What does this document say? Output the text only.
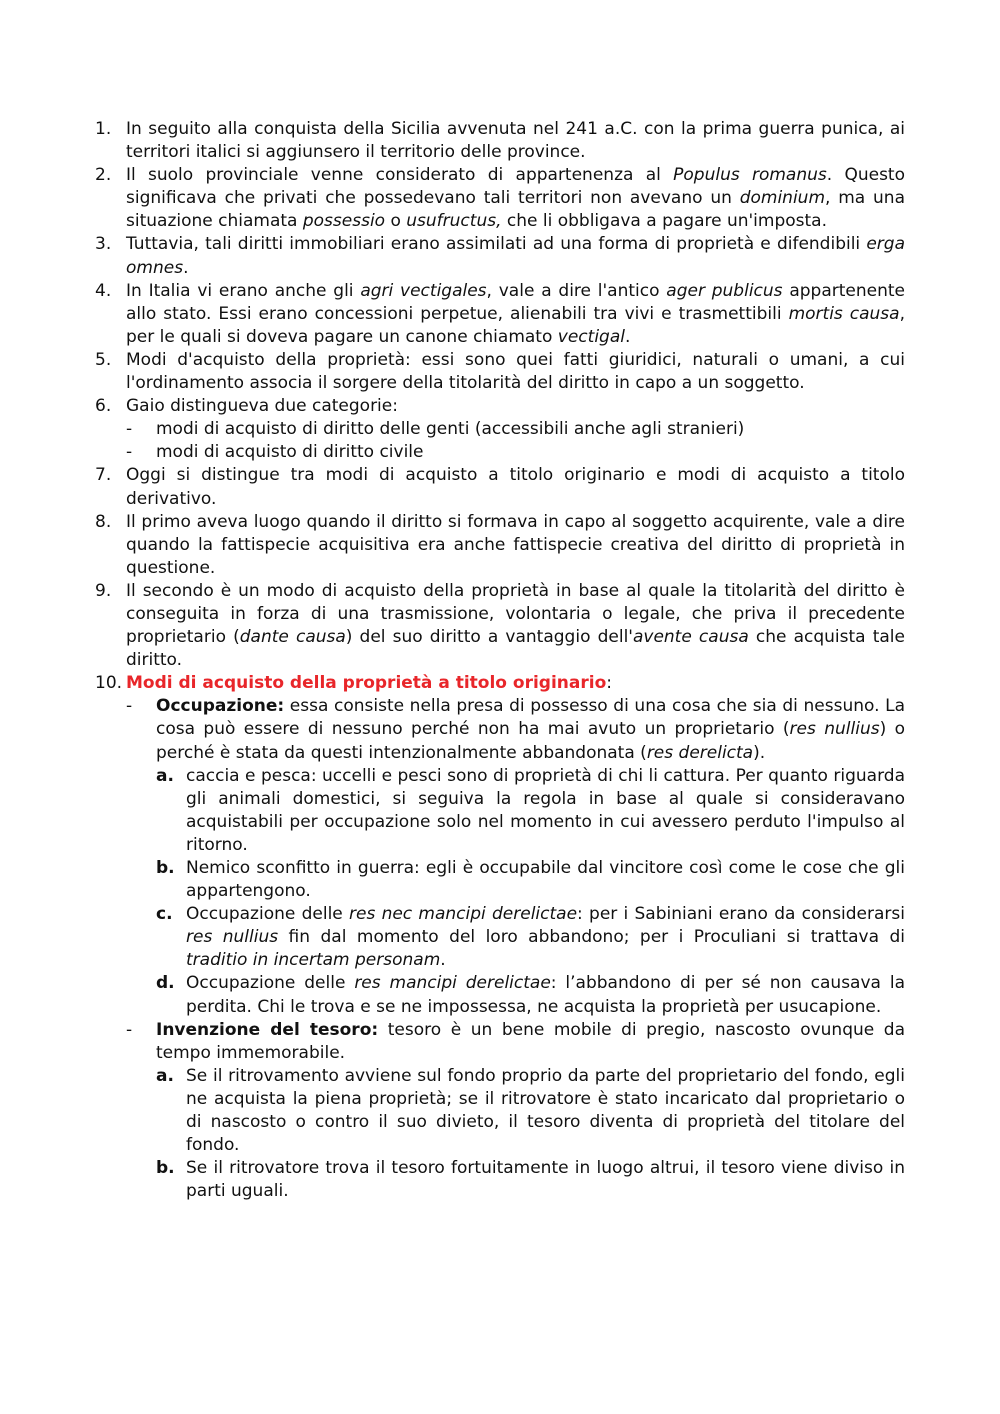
1. In seguito alla conquista della Sicilia avvenuta nel 241 a.C. con la prima guerra punica, ai territori italici si aggiunsero il territorio delle province.
2. Il suolo provinciale venne considerato di appartenenza al Populus romanus. Questo significava che privati che possedevano tali territori non avevano un dominium, ma una situazione chiamata possessio o usufructus, che li obbligava a pagare un'imposta.
3. Tuttavia, tali diritti immobiliari erano assimilati ad una forma di proprietà e difendibili erga omnes.
4. In Italia vi erano anche gli agri vectigales, vale a dire l'antico ager publicus appartenente allo stato. Essi erano concessioni perpetue, alienabili tra vivi e trasmettibili mortis causa, per le quali si doveva pagare un canone chiamato vectigal.
5. Modi d'acquisto della proprietà: essi sono quei fatti giuridici, naturali o umani, a cui l'ordinamento associa il sorgere della titolarità del diritto in capo a un soggetto.
6. Gaio distingueva due categorie:
-	modi di acquisto di diritto delle genti (accessibili anche agli stranieri)
-	modi di acquisto di diritto civile
7. Oggi si distingue tra modi di acquisto a titolo originario e modi di acquisto a titolo derivativo.
8. Il primo aveva luogo quando il diritto si formava in capo al soggetto acquirente, vale a dire quando la fattispecie acquisitiva era anche fattispecie creativa del diritto di proprietà in questione.
9. Il secondo è un modo di acquisto della proprietà in base al quale la titolarità del diritto è conseguita in forza di una trasmissione, volontaria o legale, che priva il precedente proprietario (dante causa) del suo diritto a vantaggio dell'avente causa che acquista tale diritto.
10. Modi di acquisto della proprietà a titolo originario:
-	Occupazione: essa consiste nella presa di possesso di una cosa che sia di nessuno. La cosa può essere di nessuno perché non ha mai avuto un proprietario (res nullius) o perché è stata da questi intenzionalmente abbandonata (res derelicta).
a. caccia e pesca: uccelli e pesci sono di proprietà di chi li cattura. Per quanto riguarda gli animali domestici, si seguiva la regola in base al quale si consideravano acquistabili per occupazione solo nel momento in cui avessero perduto l'impulso al ritorno.
b. Nemico sconfitto in guerra: egli è occupabile dal vincitore così come le cose che gli appartengono.
c. Occupazione delle res nec mancipi derelictae: per i Sabiniani erano da considerarsi res nullius fin dal momento del loro abbandono; per i Proculiani si trattava di traditio in incertam personam.
d. Occupazione delle res mancipi derelictae: l’abbandono di per sé non causava la perdita. Chi le trova e se ne impossessa, ne acquista la proprietà per usucapione.
-	Invenzione del tesoro: tesoro è un bene mobile di pregio, nascosto ovunque da tempo immemorabile.
a. Se il ritrovamento avviene sul fondo proprio da parte del proprietario del fondo, egli ne acquista la piena proprietà; se il ritrovatore è stato incaricato dal proprietario o di nascosto o contro il suo divieto, il tesoro diventa di proprietà del titolare del fondo.
b. Se il ritrovatore trova il tesoro fortuitamente in luogo altrui, il tesoro viene diviso in parti uguali.
